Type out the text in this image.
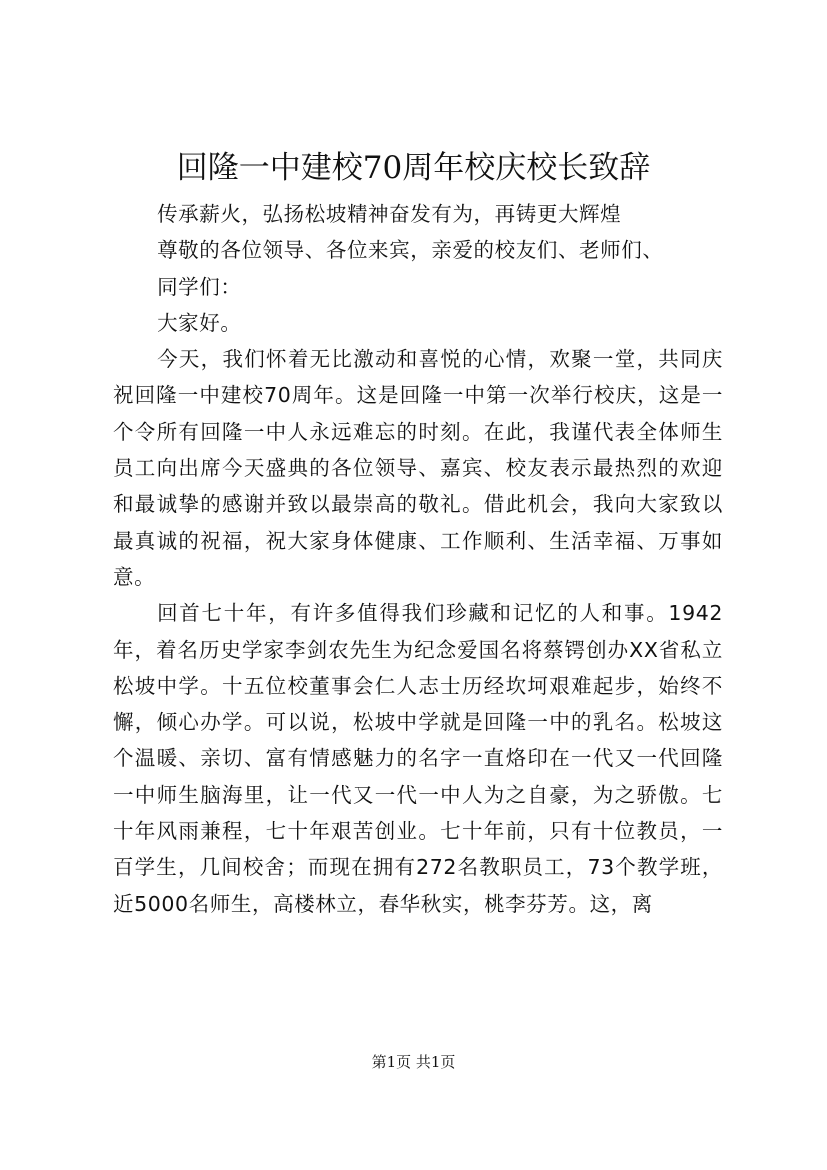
回隆一中建校70周年校庆校长致辞

传承薪火，弘扬松坡精神奋发有为，再铸更大辉煌

尊敬的各位领导、各位来宾，亲爱的校友们、老师们、

同学们：

大家好。

今天，我们怀着无比激动和喜悦的心情，欢聚一堂，共同庆祝回隆一中建校70周年。这是回隆一中第一次举行校庆，这是一个令所有回隆一中人永远难忘的时刻。在此，我谨代表全体师生员工向出席今天盛典的各位领导、嘉宾、校友表示最热烈的欢迎和最诚挚的感谢并致以最崇高的敬礼。借此机会，我向大家致以最真诚的祝福，祝大家身体健康、工作顺利、生活幸福、万事如意。

回首七十年，有许多值得我们珍藏和记忆的人和事。1942年，着名历史学家李剑农先生为纪念爱国名将蔡锷创办XX省私立松坡中学。十五位校董事会仁人志士历经坎坷艰难起步，始终不懈，倾心办学。可以说，松坡中学就是回隆一中的乳名。松坡这个温暖、亲切、富有情感魅力的名字一直烙印在一代又一代回隆一中师生脑海里，让一代又一代一中人为之自豪，为之骄傲。七十年风雨兼程，七十年艰苦创业。七十年前，只有十位教员，一百学生，几间校舍；而现在拥有272名教职员工，73个教学班，近5000名师生，高楼林立，春华秋实，桃李芬芳。这，离

第1页 共1页
